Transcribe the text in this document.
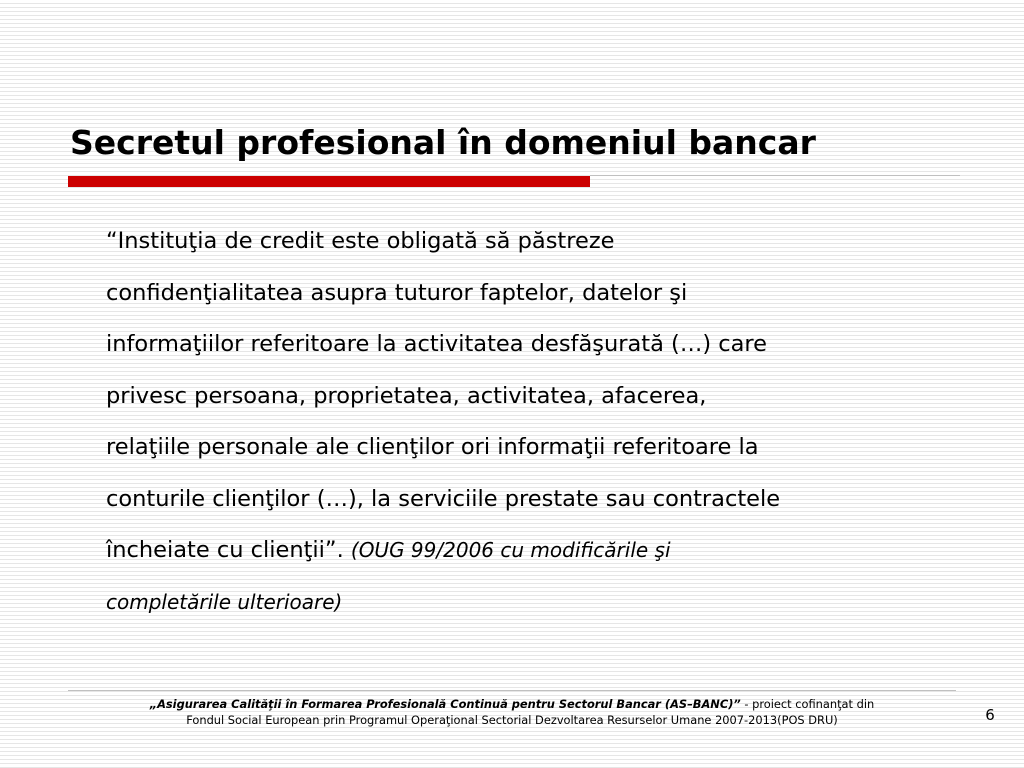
Secretul profesional în domeniul bancar
“Instituţia de credit este obligată să păstreze
confidenţialitatea asupra tuturor faptelor, datelor şi
informaţiilor referitoare la activitatea desfăşurată (…) care
privesc persoana, proprietatea, activitatea, afacerea,
relaţiile personale ale clienţilor ori informaţii referitoare la
conturile clienţilor (…), la serviciile prestate sau contractele
încheiate cu clienţii”. (OUG 99/2006 cu modificările şi
completările ulterioare)
„Asigurarea Calităţii în Formarea Profesională Continuă pentru Sectorul Bancar (AS–BANC)” - proiect cofinanţat din
Fondul Social European prin Programul Operaţional Sectorial Dezvoltarea Resurselor Umane 2007-2013(POS DRU)	6
